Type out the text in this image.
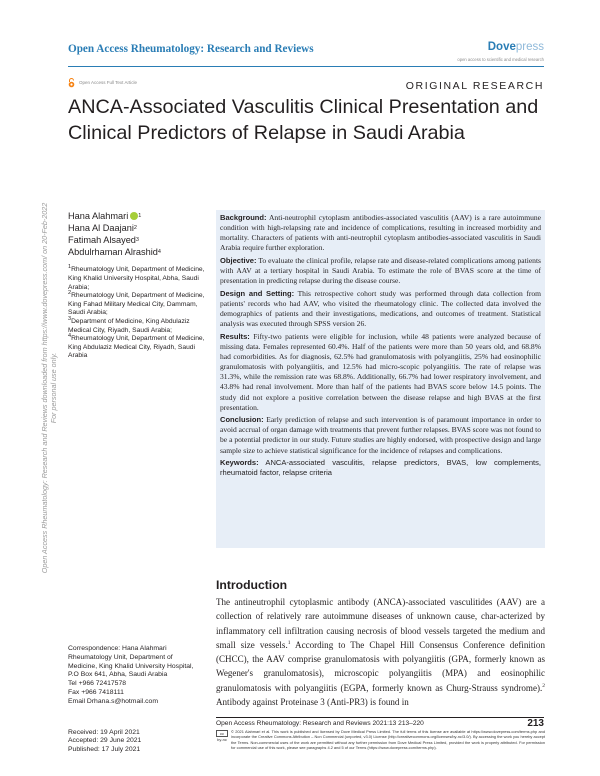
Open Access Rheumatology: Research and Reviews	Dovepress
open access to scientific and medical research
Open Access Full Text Article	ORIGINAL RESEARCH
ANCA-Associated Vasculitis Clinical Presentation and Clinical Predictors of Relapse in Saudi Arabia
Open Access Rheumatology: Research and Reviews downloaded from https://www.dovepress.com/ on 20-Feb-2022 For personal use only.
Hana Alahmari 1
Hana Al Daajani 2
Fatimah Alsayed 3
Abdulrhaman Alrashid 4
$^1$Rheumatology Unit, Department of Medicine, King Khalid University Hospital, Abha, Saudi Arabia;
$^2$Rheumatology Unit, Department of Medicine, King Fahad Military Medical City, Dammam, Saudi Arabia;
$^3$Department of Medicine, King Abdulaziz Medical City, Riyadh, Saudi Arabia;
$^4$Rheumatology Unit, Department of Medicine, King Abdulaziz Medical City, Riyadh, Saudi Arabia

Background: Anti-neutrophil cytoplasm antibodies-associated vasculitis (AAV) is a rare autoimmune condition with high-relapsing rate and incidence of complications, resulting in increased morbidity and mortality. Characters of patients with anti-neutrophil cytoplasm antibodies-associated vasculitis in Saudi Arabia require further exploration.

Objective: To evaluate the clinical profile, relapse rate and disease-related complications among patients with AAV at a tertiary hospital in Saudi Arabia. To estimate the role of BVAS score at the time of presentation in predicting relapse during the disease course.

Design and Setting: This retrospective cohort study was performed through data collection from patients' records who had AAV, who visited the rheumatology clinic. The collected data involved the demographics of patients and their investigations, medications, and outcomes of treatment. Statistical analysis was executed through SPSS version 26.

Results: Fifty-two patients were eligible for inclusion, while 48 patients were analyzed because of missing data. Females represented 60.4%. Half of the patients were more than 50 years old, and 68.8% had comorbidities. As for diagnosis, 62.5% had granulomatosis with polyangiitis, 25% had eosinophilic granulomatosis with polyangiitis, and 12.5% had micro-scopic polyangiitis. The rate of relapse was 31.3%, while the remission rate was 68.8%. Additionally, 66.7% had lower respiratory involvement, and 43.8% had renal involvement. More than half of the patients had BVAS score below 14.5 points. The study did not explore a positive correlation between the disease relapse and high BVAS at the first presentation.

Conclusion: Early prediction of relapse and such intervention is of paramount importance in order to avoid accrual of organ damage with treatments that prevent further relapses. BVAS score was not found to be a potential predictor in our study. Future studies are highly endorsed, with prospective design and large sample size to achieve statistical significance for the incidence of relapses and complications.

Keywords: ANCA-associated vasculitis, relapse predictors, BVAS, low complements, rheumatoid factor, relapse criteria

Introduction

The antineutrophil cytoplasmic antibody (ANCA)-associated vasculitides (AAV) are a collection of relatively rare autoimmune diseases of unknown cause, char-acterized by inflammatory cell infiltration causing necrosis of blood vessels targeted the medium and small size vessels.$^1$ According to The Chapel Hill Consensus Conference definition (CHCC), the AAV comprise granulomatosis with polyangiitis (GPA, formerly known as Wegener's granulomatosis), microscopic polyangiitis (MPA) and eosinophilic granulomatosis with polyangiitis (EGPA, formerly known as Churg-Strauss syndrome).$^2$ Antibody against Proteinase 3 (Anti-PR3) is found in

Correspondence: Hana Alahmari
Rheumatology Unit, Department of
Medicine, King Khalid University Hospital,
P.O Box 641, Abha, Saudi Arabia
Tel +966 72417578
Fax +966 7418111
Email Drhana.s@hotmail.com
Received: 19 April 2021
Accepted: 29 June 2021
Published: 17 July 2021
Open Access Rheumatology: Research and Reviews 2021:13 213–220	213
cc by-nc
© 2021 Alahmari et al. This work is published and licensed by Dove Medical Press Limited. The full terms of this license are available at https://www.dovepress.com/terms.php and incorporate the Creative Commons Attribution – Non Commercial (unported, v3.0) License (http://creativecommons.org/licenses/by-nc/3.0/). By accessing the work you hereby accept the Terms. Non-commercial uses of the work are permitted without any further permission from Dove Medical Press Limited, provided the work is properly attributed. For permission for commercial use of this work, please see paragraphs 4.2 and 5 of our Terms (https://www.dovepress.com/terms.php).
